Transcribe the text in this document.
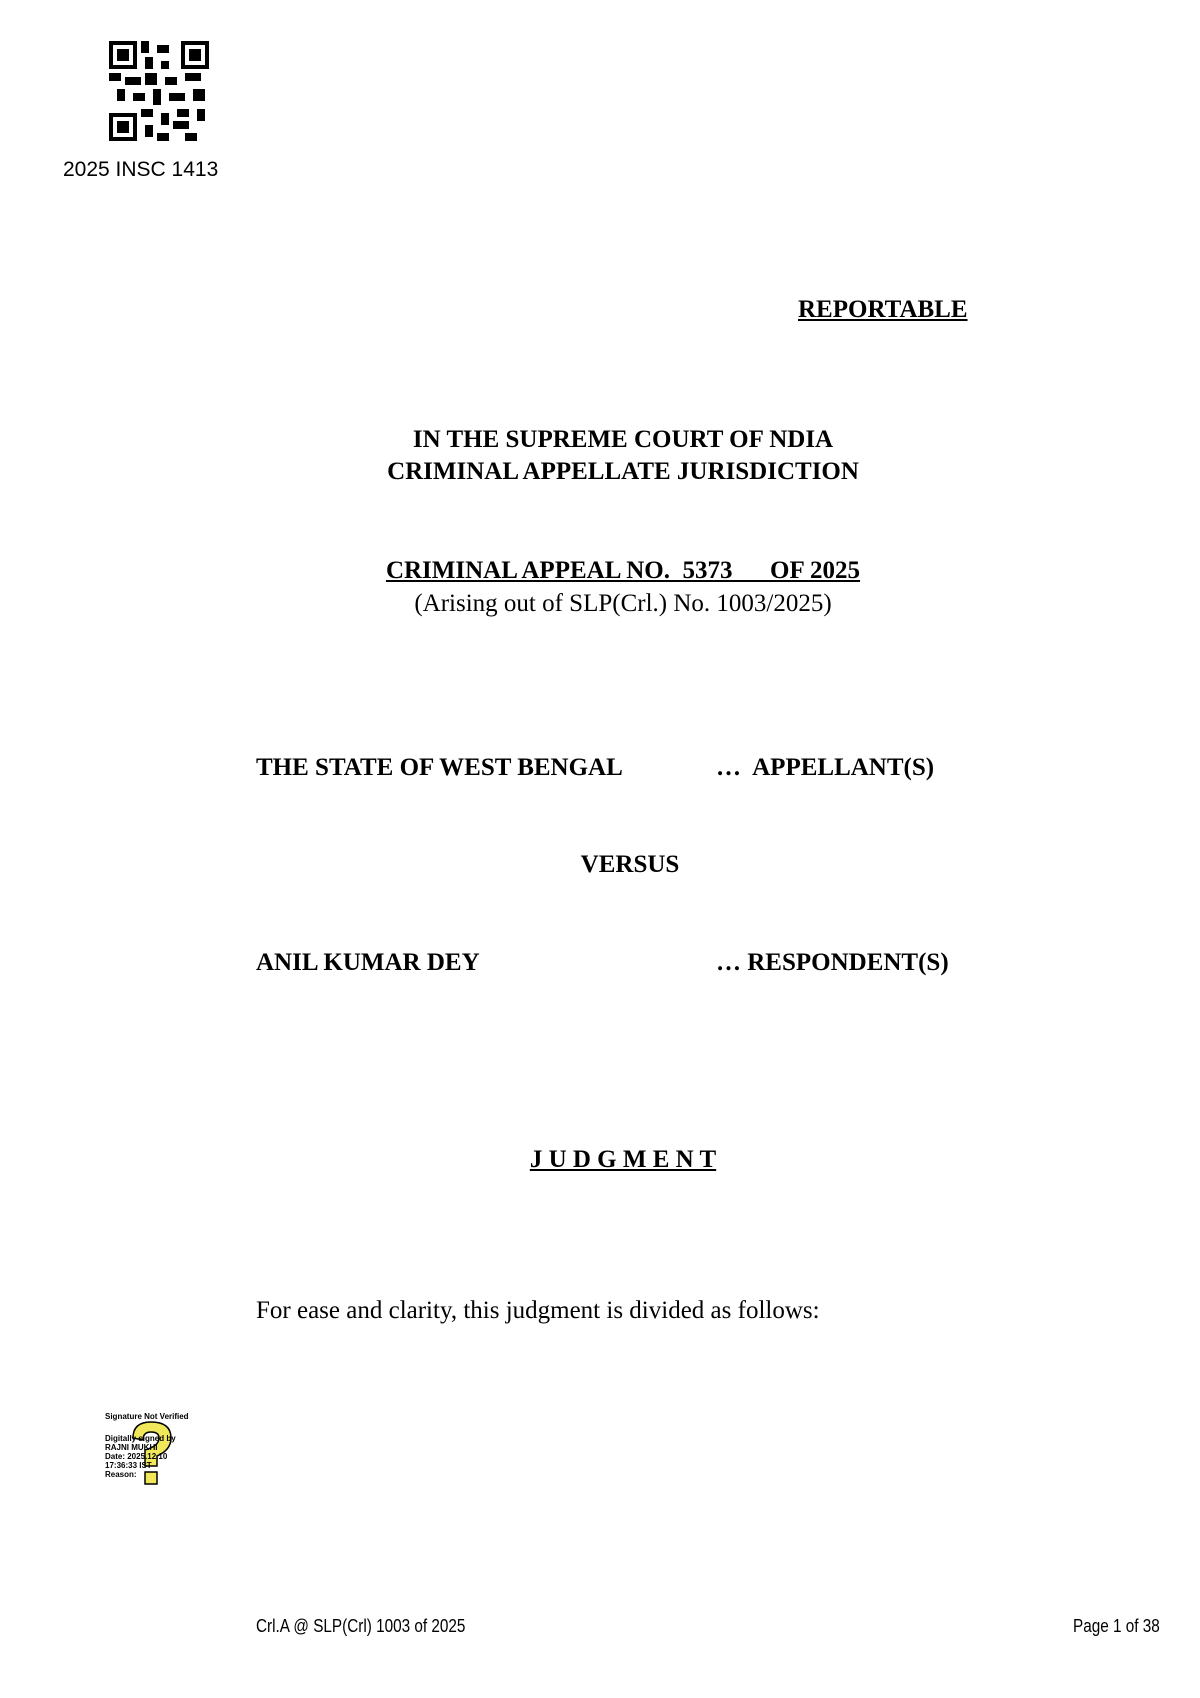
2025 INSC 1413
REPORTABLE
IN THE SUPREME COURT OF NDIA
CRIMINAL APPELLATE JURISDICTION
CRIMINAL APPEAL NO.  5373      OF 2025
(Arising out of SLP(Crl.) No. 1003/2025)
THE STATE OF WEST BENGAL	…  APPELLANT(S)
VERSUS
ANIL KUMAR DEY	… RESPONDENT(S)
J U D G M E N T
For ease and clarity, this judgment is divided as follows:

Signature Not Verified

Digitally signed by

RAJNI MUKHI

Date: 2025.12.10

17:36:33 IST

Reason:

Crl.A @ SLP(Crl) 1003 of 2025	Page 1 of 38
